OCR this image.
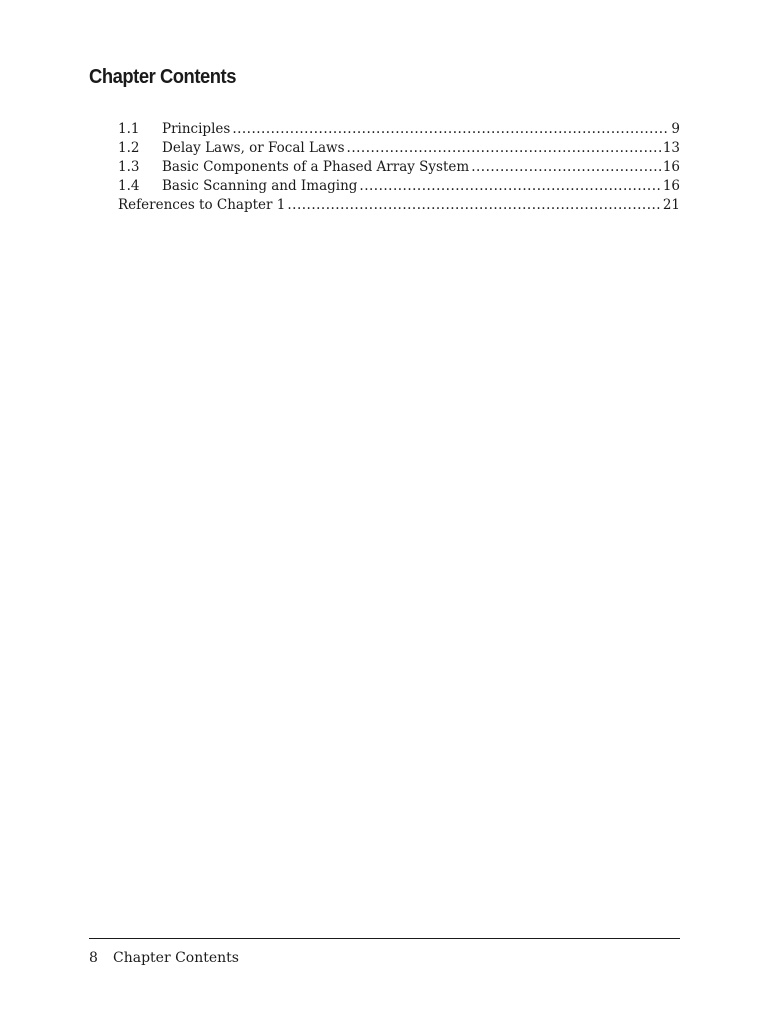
Chapter Contents
1.1	Principles .....	9
1.2	Delay Laws, or Focal Laws .....	13
1.3	Basic Components of a Phased Array System .....	16
1.4	Basic Scanning and Imaging .....	16
References to Chapter 1 .....	21
8 Chapter Contents
